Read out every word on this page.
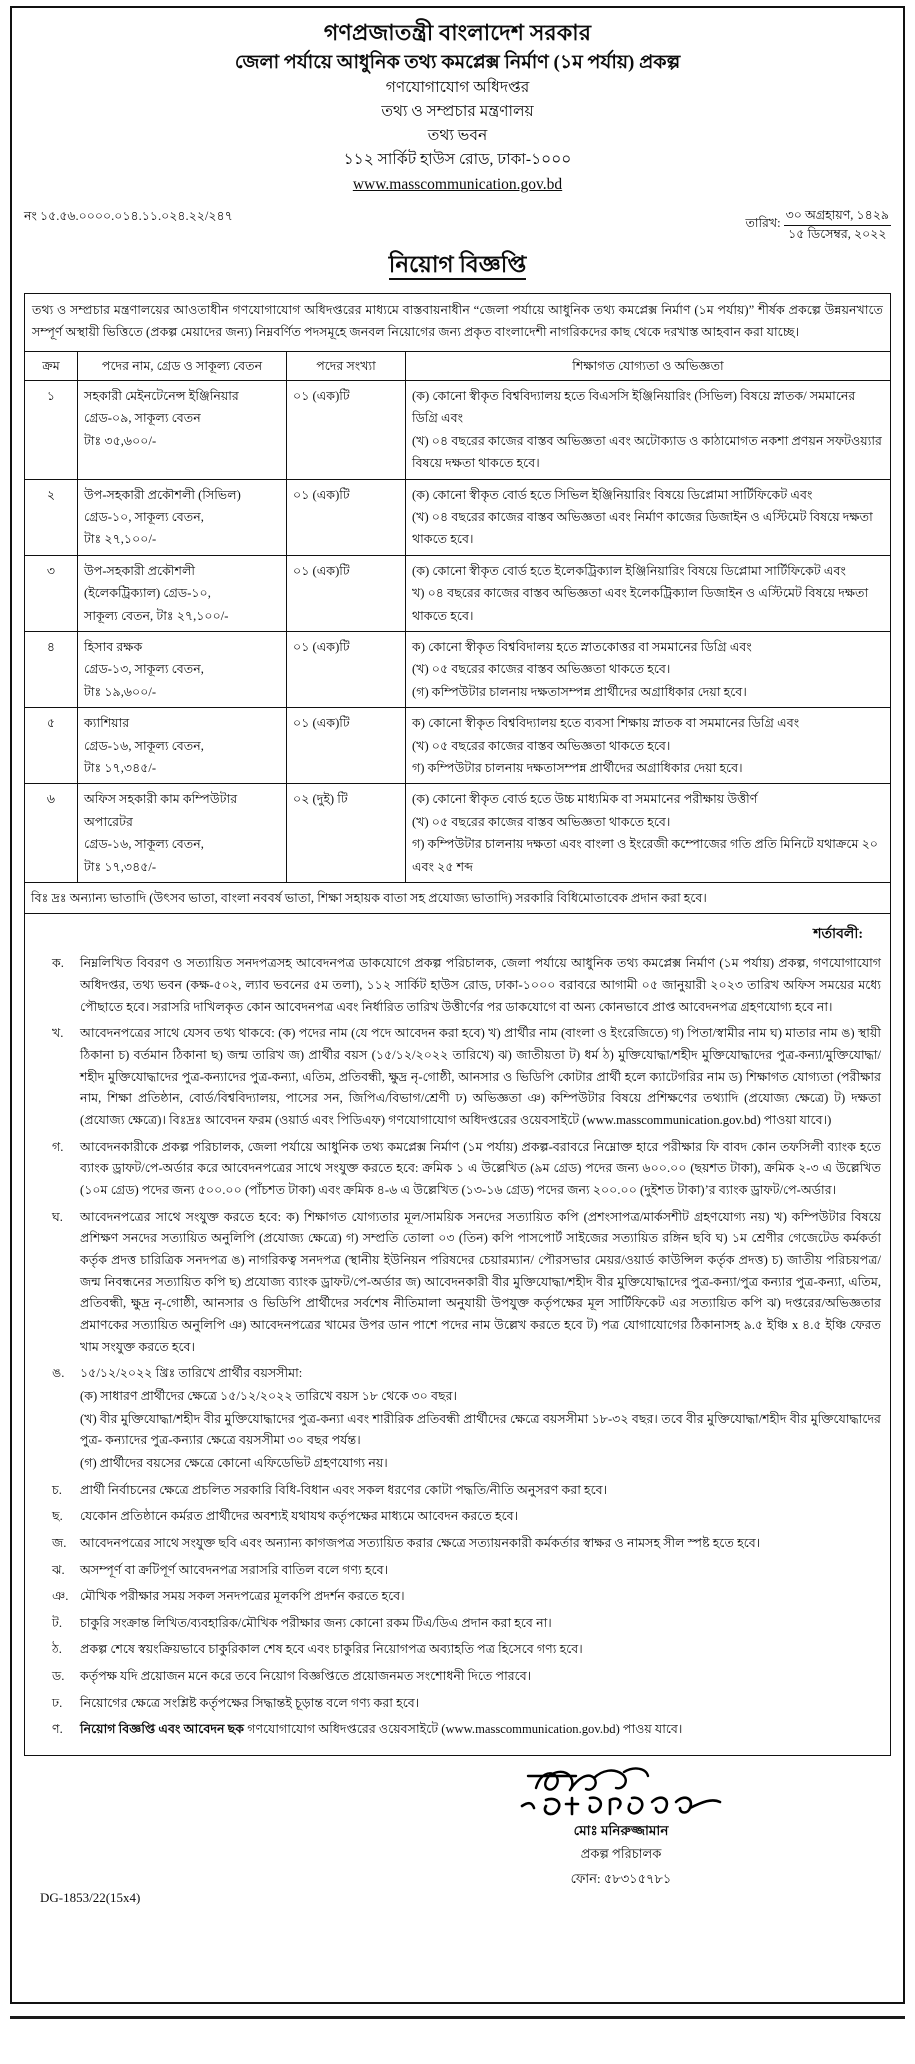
গণপ্রজাতন্ত্রী বাংলাদেশ সরকার
জেলা পর্যায়ে আধুনিক তথ্য কমপ্লেক্স নির্মাণ (১ম পর্যায়) প্রকল্প
গণযোগাযোগ অধিদপ্তর
তথ্য ও সম্প্রচার মন্ত্রণালয়
তথ্য ভবন
১১২ সার্কিট হাউস রোড, ঢাকা-১০০০
www.masscommunication.gov.bd
নং ১৫.৫৬.০০০০.০১৪.১১.০২৪.২২/২৪৭
তারিখ:
৩০ অগ্রহায়ণ, ১৪২৯
১৫ ডিসেম্বর, ২০২২
নিয়োগ বিজ্ঞপ্তি
তথ্য ও সম্প্রচার মন্ত্রণালয়ের আওতাধীন গণযোগাযোগ অধিদপ্তরের মাধ্যমে বাস্তবায়নাধীন “জেলা পর্যায়ে আধুনিক তথ্য কমপ্লেক্স নির্মাণ (১ম পর্যায়)” শীর্ষক প্রকল্পে উন্নয়নখাতে সম্পূর্ণ অস্থায়ী ভিত্তিতে (প্রকল্প মেয়াদের জন্য) নিম্নবর্ণিত পদসমূহে জনবল নিয়োগের জন্য প্রকৃত বাংলাদেশী নাগরিকদের কাছ থেকে দরখাস্ত আহবান করা যাচ্ছে।
ক্রম	পদের নাম, গ্রেড ও সাকূল্য বেতন	পদের সংখ্যা	শিক্ষাগত যোগ্যতা ও অভিজ্ঞতা
১	সহকারী মেইনটেনেন্স ইঞ্জিনিয়ার
গ্রেড-০৯, সাকূল্য বেতন
টাঃ ৩৫,৬০০/-
	০১ (এক)টি	(ক) কোনো স্বীকৃত বিশ্ববিদ্যালয় হতে বিএসসি ইঞ্জিনিয়ারিং (সিভিল) বিষয়ে স্নাতক/ সমমানের ডিগ্রি এবং
(খ) ০৪ বছরের কাজের বাস্তব অভিজ্ঞতা এবং অটোক্যাড ও কাঠামোগত নকশা প্রণয়ন সফটওয়্যার বিষয়ে দক্ষতা থাকতে হবে।

২	উপ-সহকারী প্রকৌশলী (সিভিল)
গ্রেড-১০, সাকূল্য বেতন,
টাঃ ২৭,১০০/-	০১ (এক)টি	(ক) কোনো স্বীকৃত বোর্ড হতে সিভিল ইঞ্জিনিয়ারিং বিষয়ে ডিপ্লোমা সার্টিফিকেট এবং
(খ) ০৪ বছরের কাজের বাস্তব অভিজ্ঞতা এবং নির্মাণ কাজের ডিজাইন ও এস্টিমেট বিষয়ে দক্ষতা থাকতে হবে।

৩	উপ-সহকারী প্রকৌশলী
(ইলেকট্রিক্যাল) গ্রেড-১০,
সাকূল্য বেতন, টাঃ ২৭,১০০/-	০১ (এক)টি	(ক) কোনো স্বীকৃত বোর্ড হতে ইলেকট্রিক্যাল ইঞ্জিনিয়ারিং বিষয়ে ডিপ্লোমা সার্টিফিকেট এবং
খ) ০৪ বছরের কাজের বাস্তব অভিজ্ঞতা এবং ইলেকট্রিক্যাল ডিজাইন ও এস্টিমেট বিষয়ে দক্ষতা থাকতে হবে।

৪	হিসাব রক্ষক
গ্রেড-১৩, সাকূল্য বেতন,
টাঃ ১৯,৬০০/-	০১ (এক)টি	ক) কোনো স্বীকৃত বিশ্ববিদালয় হতে স্নাতকোত্তর বা সমমানের ডিগ্রি এবং
(খ) ০৫ বছরের কাজের বাস্তব অভিজ্ঞতা থাকতে হবে।
(গ) কম্পিউটার চালনায় দক্ষতাসম্পন্ন প্রার্থীদের অগ্রাধিকার দেয়া হবে।

৫	ক্যাশিয়ার
গ্রেড-১৬, সাকূল্য বেতন,
টাঃ ১৭,৩৪৫/-	০১ (এক)টি	ক) কোনো স্বীকৃত বিশ্ববিদ্যালয় হতে ব্যবসা শিক্ষায় স্নাতক বা সমমানের ডিগ্রি এবং
(খ) ০৫ বছরের কাজের বাস্তব অভিজ্ঞতা থাকতে হবে।
গ) কম্পিউটার চালনায় দক্ষতাসম্পন্ন প্রার্থীদের অগ্রাধিকার দেয়া হবে।

৬	অফিস সহকারী কাম কম্পিউটার
অপারেটর
গ্রেড-১৬, সাকূল্য বেতন,
টাঃ ১৭,৩৪৫/-
	০২ (দুই) টি	(ক) কোনো স্বীকৃত বোর্ড হতে উচ্চ মাধ্যমিক বা সমমানের পরীক্ষায় উত্তীর্ণ
(খ) ০৫ বছরের কাজের বাস্তব অভিজ্ঞতা থাকতে হবে।
গ) কম্পিউটার চালনায় দক্ষতা এবং বাংলা ও ইংরেজী কম্পোজের গতি প্রতি মিনিটে যথাক্রমে ২০ এবং ২৫ শব্দ

বিঃ দ্রঃ অন্যান্য ভাতাদি (উৎসব ভাতা, বাংলা নববর্ষ ভাতা, শিক্ষা সহায়ক বাতা সহ প্রযোজ্য ভাতাদি) সরকারি বিধিমোতাবেক প্রদান করা হবে।			
শর্তাবলী:
ক.	নিম্নলিখিত বিবরণ ও সত্যায়িত সনদপত্রসহ আবেদনপত্র ডাকযোগে প্রকল্প পরিচালক, জেলা পর্যায়ে আধুনিক তথ্য কমপ্লেক্স নির্মাণ (১ম পর্যায়) প্রকল্প, গণযোগাযোগ অধিদপ্তর, তথ্য ভবন (কক্ষ-৫০২, ল্যাব ভবনের ৫ম তলা), ১১২ সার্কিট হাউস রোড, ঢাকা-১০০০ বরাবরে আগামী ০৫ জানুয়ারী ২০২৩ তারিখ অফিস সময়ের মধ্যে পৌছাতে হবে। সরাসরি দাখিলকৃত কোন আবেদনপত্র এবং নির্ধারিত তারিখ উত্তীর্ণের পর ডাকযোগে বা অন্য কোনভাবে প্রাপ্ত আবেদনপত্র গ্রহণযোগ্য হবে না।
খ.	আবেদনপত্রের সাথে যেসব তথ্য থাকবে: (ক) পদের নাম (যে পদে আবেদন করা হবে) খ) প্রার্থীর নাম (বাংলা ও ইংরেজিতে) গ) পিতা/স্বামীর নাম ঘ) মাতার নাম ঙ) স্থায়ী ঠিকানা চ) বর্তমান ঠিকানা ছ) জন্ম তারিখ জ) প্রার্থীর বয়স (১৫/১২/২০২২ তারিখে) ঝ) জাতীয়তা ট) ধর্ম ঠ) মুক্তিযোদ্ধা/শহীদ মুক্তিযোদ্ধাদের পুত্র-কন্যা/মুক্তিযোদ্ধা/শহীদ মুক্তিযোদ্ধাদের পুত্র-কন্যাদের পুত্র-কন্যা, এতিম, প্রতিবন্ধী, ক্ষুদ্র নৃ-গোষ্ঠী, আনসার ও ভিডিপি কোটার প্রার্থী হলে ক্যাটেগরির নাম ড) শিক্ষাগত যোগ্যতা (পরীক্ষার নাম, শিক্ষা প্রতিষ্ঠান, বোর্ড/বিশ্ববিদ্যালয়, পাসের সন, জিপিএ/বিভাগ/শ্রেণী ঢ) অভিজ্ঞতা ঞ) কম্পিউটার বিষয়ে প্রশিক্ষণের তথ্যাদি (প্রযোজ্য ক্ষেত্রে) ট) দক্ষতা (প্রযোজ্য ক্ষেত্রে)। বিঃদ্রঃ আবেদন ফরম (ওয়ার্ড এবং পিডিএফ) গণযোগাযোগ অধিদপ্তরের ওয়েবসাইটে (www.masscommunication.gov.bd) পাওয়া যাবে।)
গ.	আবেদনকারীকে প্রকল্প পরিচালক, জেলা পর্যায়ে আধুনিক তথ্য কমপ্লেক্স নির্মাণ (১ম পর্যায়) প্রকল্প-বরাবরে নিম্নোক্ত হারে পরীক্ষার ফি বাবদ কোন তফসিলী ব্যাংক হতে ব্যাংক ড্রাফট/পে-অর্ডার করে আবেদনপত্রের সাথে সংযুক্ত করতে হবে: ক্রমিক ১ এ উল্লেখিত (৯ম গ্রেড) পদের জন্য ৬০০.০০ (ছয়শত টাকা), ক্রমিক ২-৩ এ উল্লেখিত (১০ম গ্রেড) পদের জন্য ৫০০.০০ (পাঁচশত টাকা) এবং ক্রমিক ৪-৬ এ উল্লেখিত (১৩-১৬ গ্রেড) পদের জন্য ২০০.০০ (দুইশত টাকা)’র ব্যাংক ড্রাফট/পে-অর্ডার।
ঘ.	আবেদনপত্রের সাথে সংযুক্ত করতে হবে: ক) শিক্ষাগত যোগ্যতার মূল/সাময়িক সনদের সত্যায়িত কপি (প্রশংসাপত্র/মার্কসশীট গ্রহণযোগ্য নয়) খ) কম্পিউটার বিষয়ে প্রশিক্ষণ সনদের সত্যায়িত অনুলিপি (প্রযোজ্য ক্ষেত্রে) গ) সম্প্রতি তোলা ০৩ (তিন) কপি পাসপোর্ট সাইজের সত্যায়িত রঙ্গিন ছবি ঘ) ১ম শ্রেণীর গেজেটেড কর্মকর্তা কর্তৃক প্রদত্ত চারিত্রিক সনদপত্র ঙ) নাগরিকত্ব সনদপত্র (স্থানীয় ইউনিয়ন পরিষদের চেয়ারম্যান/ পৌরসভার মেয়র/ওয়ার্ড কাউন্সিল কর্তৃক প্রদত্ত) চ) জাতীয় পরিচয়পত্র/জন্ম নিবন্ধনের সত্যায়িত কপি ছ) প্রযোজ্য ব্যাংক ড্রাফট/পে-অর্ডার জ) আবেদনকারী বীর মুক্তিযোদ্ধা/শহীদ বীর মুক্তিযোদ্ধাদের পুত্র-কন্যা/পুত্র কন্যার পুত্র-কন্যা, এতিম, প্রতিবন্ধী, ক্ষুদ্র নৃ-গোষ্ঠী, আনসার ও ভিডিপি প্রার্থীদের সর্বশেষ নীতিমালা অনুযায়ী উপযুক্ত কর্তৃপক্ষের মূল সার্টিফিকেট এর সত্যায়িত কপি ঝ) দপ্তরের/অভিজ্ঞতার প্রমাণকের সত্যায়িত অনুলিপি ঞ) আবেদনপত্রের খামের উপর ডান পাশে পদের নাম উল্লেখ করতে হবে ট) পত্র যোগাযোগের ঠিকানাসহ ৯.৫ ইঞ্চি x ৪.৫ ইঞ্চি ফেরত খাম সংযুক্ত করতে হবে।
ঙ.	১৫/১২/২০২২ খ্রিঃ তারিখে প্রার্থীর বয়সসীমা:

(ক) সাধারণ প্রার্থীদের ক্ষেত্রে ১৫/১২/২০২২ তারিখে বয়স ১৮ থেকে ৩০ বছর।

(খ) বীর মুক্তিযোদ্ধা/শহীদ বীর মুক্তিযোদ্ধাদের পুত্র-কন্যা এবং শারীরিক প্রতিবন্ধী প্রার্থীদের ক্ষেত্রে বয়সসীমা ১৮-৩২ বছর। তবে বীর মুক্তিযোদ্ধা/শহীদ বীর মুক্তিযোদ্ধাদের পুত্র- কন্যাদের পুত্র-কন্যার ক্ষেত্রে বয়সসীমা ৩০ বছর পর্যন্ত।

(গ) প্রার্থীদের বয়সের ক্ষেত্রে কোনো এফিডেভিট গ্রহণযোগ্য নয়।

চ.	প্রার্থী নির্বাচনের ক্ষেত্রে প্রচলিত সরকারি বিধি-বিধান এবং সকল ধরণের কোটা পদ্ধতি/নীতি অনুসরণ করা হবে।
ছ.	যেকোন প্রতিষ্ঠানে কর্মরত প্রার্থীদের অবশ্যই যথাযথ কর্তৃপক্ষের মাধ্যমে আবেদন করতে হবে।
জ.	আবেদনপত্রের সাথে সংযুক্ত ছবি এবং অন্যান্য কাগজপত্র সত্যায়িত করার ক্ষেত্রে সত্যায়নকারী কর্মকর্তার স্বাক্ষর ও নামসহ সীল স্পষ্ট হতে হবে।
ঝ.	অসম্পূর্ণ বা ক্রটিপূর্ণ আবেদনপত্র সরাসরি বাতিল বলে গণ্য হবে।
ঞ. মৌখিক পরীক্ষার সময় সকল সনদপত্রের মূলকপি প্রদর্শন করতে হবে।
ট.	চাকুরি সংক্রান্ত লিখিত/ব্যবহারিক/মৌখিক পরীক্ষার জন্য কোনো রকম টিএ/ডিএ প্রদান করা হবে না।
ঠ.	প্রকল্প শেষে স্বয়ংক্রিয়ভাবে চাকুরিকাল শেষ হবে এবং চাকুরির নিয়োগপত্র অব্যাহতি পত্র হিসেবে গণ্য হবে।
ড.	কর্তৃপক্ষ যদি প্রয়োজন মনে করে তবে নিয়োগ বিজ্ঞপ্তিতে প্রয়োজনমত সংশোধনী দিতে পারবে।
ঢ.	নিয়োগের ক্ষেত্রে সংশ্লিষ্ট কর্তৃপক্ষের সিদ্ধান্তই চূড়ান্ত বলে গণ্য করা হবে।
ণ.	নিয়োগ বিজ্ঞপ্তি এবং আবেদন ছক গণযোগাযোগ অধিদপ্তরের ওয়েবসাইটে (www.masscommunication.gov.bd) পাওয় যাবে।
মোঃ মনিরুজ্জামান
প্রকল্প পরিচালক
ফোন: ৫৮৩১৫৭৮১
DG-1853/22(15x4)
